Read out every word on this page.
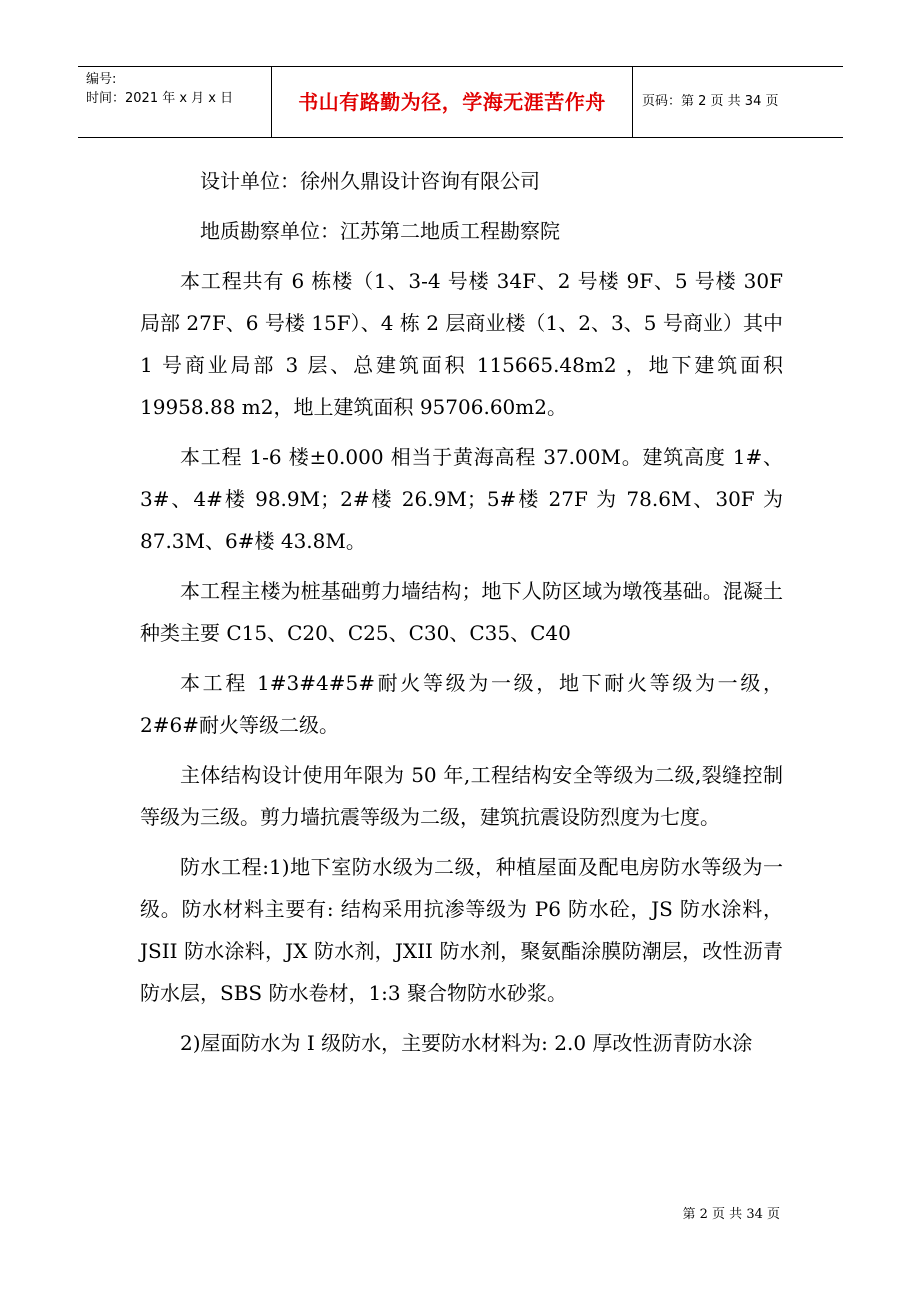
编号:
时间：2021 年 x 月 x 日	书山有路勤为径，学海无涯苦作舟	页码：第 2 页 共 34 页

设计单位：徐州久鼎设计咨询有限公司

地质勘察单位：江苏第二地质工程勘察院

本工程共有 6 栋楼（1、3-4 号楼 34F、2 号楼 9F、5 号楼 30F 局部 27F、6 号楼 15F）、4 栋 2 层商业楼（1、2、3、5 号商业）其中 1 号商业局部 3 层、总建筑面积 115665.48m2 ，地下建筑面积 19958.88 m2，地上建筑面积 95706.60m2。

本工程 1-6 楼±0.000 相当于黄海高程 37.00M。建筑高度 1#、3#、4#楼 98.9M；2#楼 26.9M；5#楼 27F 为 78.6M、30F 为 87.3M、6#楼 43.8M。

本工程主楼为桩基础剪力墙结构；地下人防区域为墩筏基础。混凝土种类主要 C15、C20、C25、C30、C35、C40

本工程 1#3#4#5#耐火等级为一级，地下耐火等级为一级，2#6#耐火等级二级。

主体结构设计使用年限为 50 年,工程结构安全等级为二级,裂缝控制等级为三级。剪力墙抗震等级为二级，建筑抗震设防烈度为七度。

防水工程:1)地下室防水级为二级，种植屋面及配电房防水等级为一级。防水材料主要有: 结构采用抗渗等级为 P6 防水砼，JS 防水涂料，JSII 防水涂料，JX 防水剂，JXII 防水剂，聚氨酯涂膜防潮层，改性沥青防水层，SBS 防水卷材，1:3 聚合物防水砂浆。

2)屋面防水为 I 级防水，主要防水材料为: 2.0 厚改性沥青防水涂

第 2 页 共 34 页
